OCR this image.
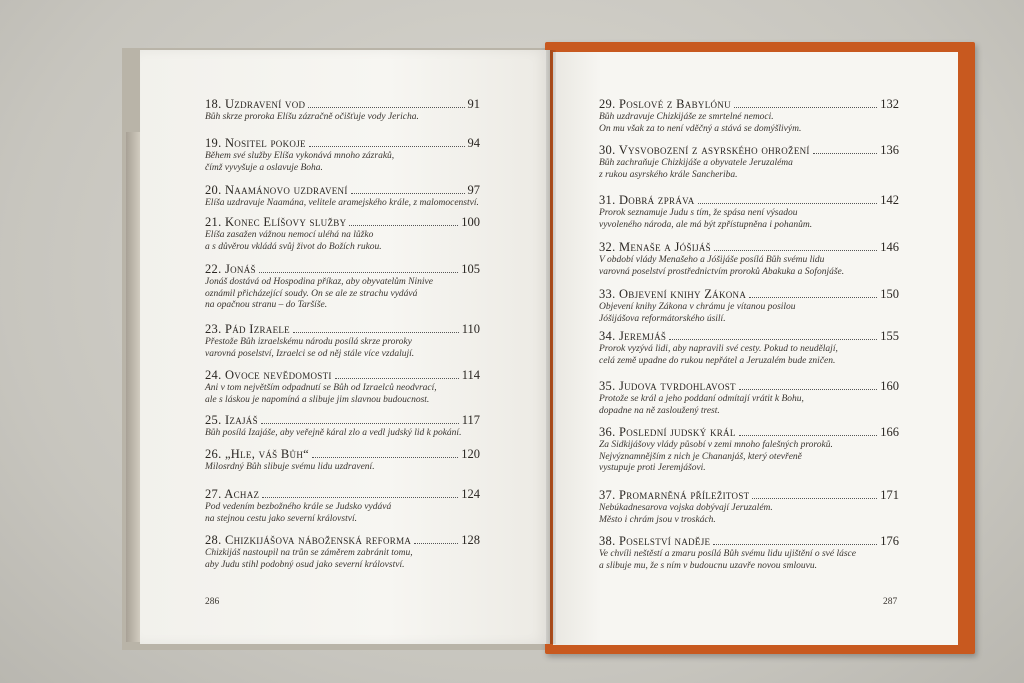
18. Uzdravení vod	91
Bůh skrze proroka Elíšu zázračně očišťuje vody Jericha.
19. Nositel pokoje	94
Během své služby Elíša vykonává mnoho zázraků,
čímž vyvyšuje a oslavuje Boha.
20. Naamánovo uzdravení	97
Elíša uzdravuje Naamána, velitele aramejského krále, z malomocenství.
21. Konec Elíšovy služby	100
Elíša zasažen vážnou nemocí uléhá na lůžko
a s důvěrou vkládá svůj život do Božích rukou.
22. Jonáš	105
Jonáš dostává od Hospodina příkaz, aby obyvatelům Ninive
oznámil přicházející soudy. On se ale ze strachu vydává
na opačnou stranu – do Taršíše.
23. Pád Izraele	110
Přestože Bůh izraelskému národu posílá skrze proroky
varovná poselství, Izraelci se od něj stále více vzdalují.
24. Ovoce nevědomosti	114
Ani v tom největším odpadnutí se Bůh od Izraelců neodvrací,
ale s láskou je napomíná a slibuje jim slavnou budoucnost.
25. Izajáš	117
Bůh posílá Izajáše, aby veřejně káral zlo a vedl judský lid k pokání.
26. „Hle, váš Bůh“	120
Milosrdný Bůh slibuje svému lidu uzdravení.
27. Achaz	124
Pod vedením bezbožného krále se Judsko vydává
na stejnou cestu jako severní království.
28. Chizkijášova náboženská reforma	128
Chizkijáš nastoupil na trůn se záměrem zabránit tomu,
aby Judu stihl podobný osud jako severní království.
29. Poslové z Babylónu	132
Bůh uzdravuje Chizkijáše ze smrtelné nemoci.
On mu však za to není vděčný a stává se domýšlivým.
30. Vysvobození z asyrského ohrožení	136
Bůh zachraňuje Chizkijáše a obyvatele Jeruzaléma
z rukou asyrského krále Sancheriba.
31. Dobrá zpráva	142
Prorok seznamuje Judu s tím, že spása není výsadou
vyvoleného národa, ale má být zpřístupněna i pohanům.
32. Menaše a Jóšijáš	146
V období vlády Menašeho a Jóšijáše posílá Bůh svému lidu
varovná poselství prostřednictvím proroků Abakuka a Sofonjáše.
33. Objevení knihy Zákona	150
Objevení knihy Zákona v chrámu je vítanou posilou
Jóšijášova reformátorského úsilí.
34. Jeremjáš	155
Prorok vyzývá lidi, aby napravili své cesty. Pokud to neudělají,
celá země upadne do rukou nepřátel a Jeruzalém bude zničen.
35. Judova tvrdohlavost	160
Protože se král a jeho poddaní odmítají vrátit k Bohu,
dopadne na ně zasloužený trest.
36. Poslední judský král	166
Za Sidkijášovy vlády působí v zemi mnoho falešných proroků.
Nejvýznamnějším z nich je Chananjáš, který otevřeně
vystupuje proti Jeremjášovi.
37. Promarněná příležitost	171
Nebúkadnesarova vojska dobývají Jeruzalém.
Město i chrám jsou v troskách.
38. Poselství naděje	176
Ve chvíli neštěstí a zmaru posílá Bůh svému lidu ujištění o své lásce
a slibuje mu, že s ním v budoucnu uzavře novou smlouvu.
286	287
